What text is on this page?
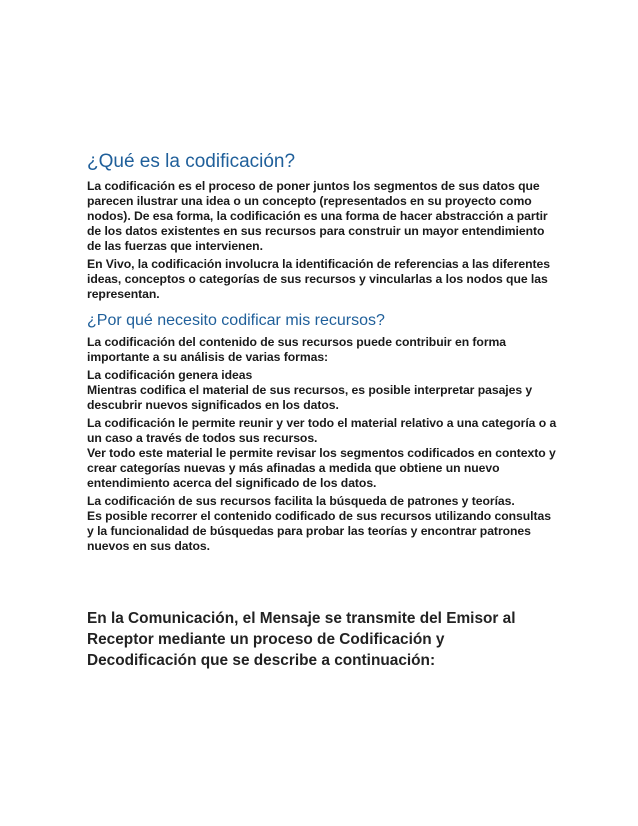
¿Qué es la codificación?

La codificación es el proceso de poner juntos los segmentos de sus datos que parecen ilustrar una idea o un concepto (representados en su proyecto como nodos). De esa forma, la codificación es una forma de hacer abstracción a partir de los datos existentes en sus recursos para construir un mayor entendimiento de las fuerzas que intervienen.

En Vivo, la codificación involucra la identificación de referencias a las diferentes ideas, conceptos o categorías de sus recursos y vincularlas a los nodos que las representan.

¿Por qué necesito codificar mis recursos?

La codificación del contenido de sus recursos puede contribuir en forma importante a su análisis de varias formas:

La codificación genera ideas

Mientras codifica el material de sus recursos, es posible interpretar pasajes y descubrir nuevos significados en los datos.

La codificación le permite reunir y ver todo el material relativo a una categoría o a un caso a través de todos sus recursos.

Ver todo este material le permite revisar los segmentos codificados en contexto y crear categorías nuevas y más afinadas a medida que obtiene un nuevo entendimiento acerca del significado de los datos.

La codificación de sus recursos facilita la búsqueda de patrones y teorías.

Es posible recorrer el contenido codificado de sus recursos utilizando consultas y la funcionalidad de búsquedas para probar las teorías y encontrar patrones nuevos en sus datos.

En la Comunicación, el Mensaje se transmite del Emisor al Receptor mediante un proceso de Codificación y Decodificación que se describe a continuación:
